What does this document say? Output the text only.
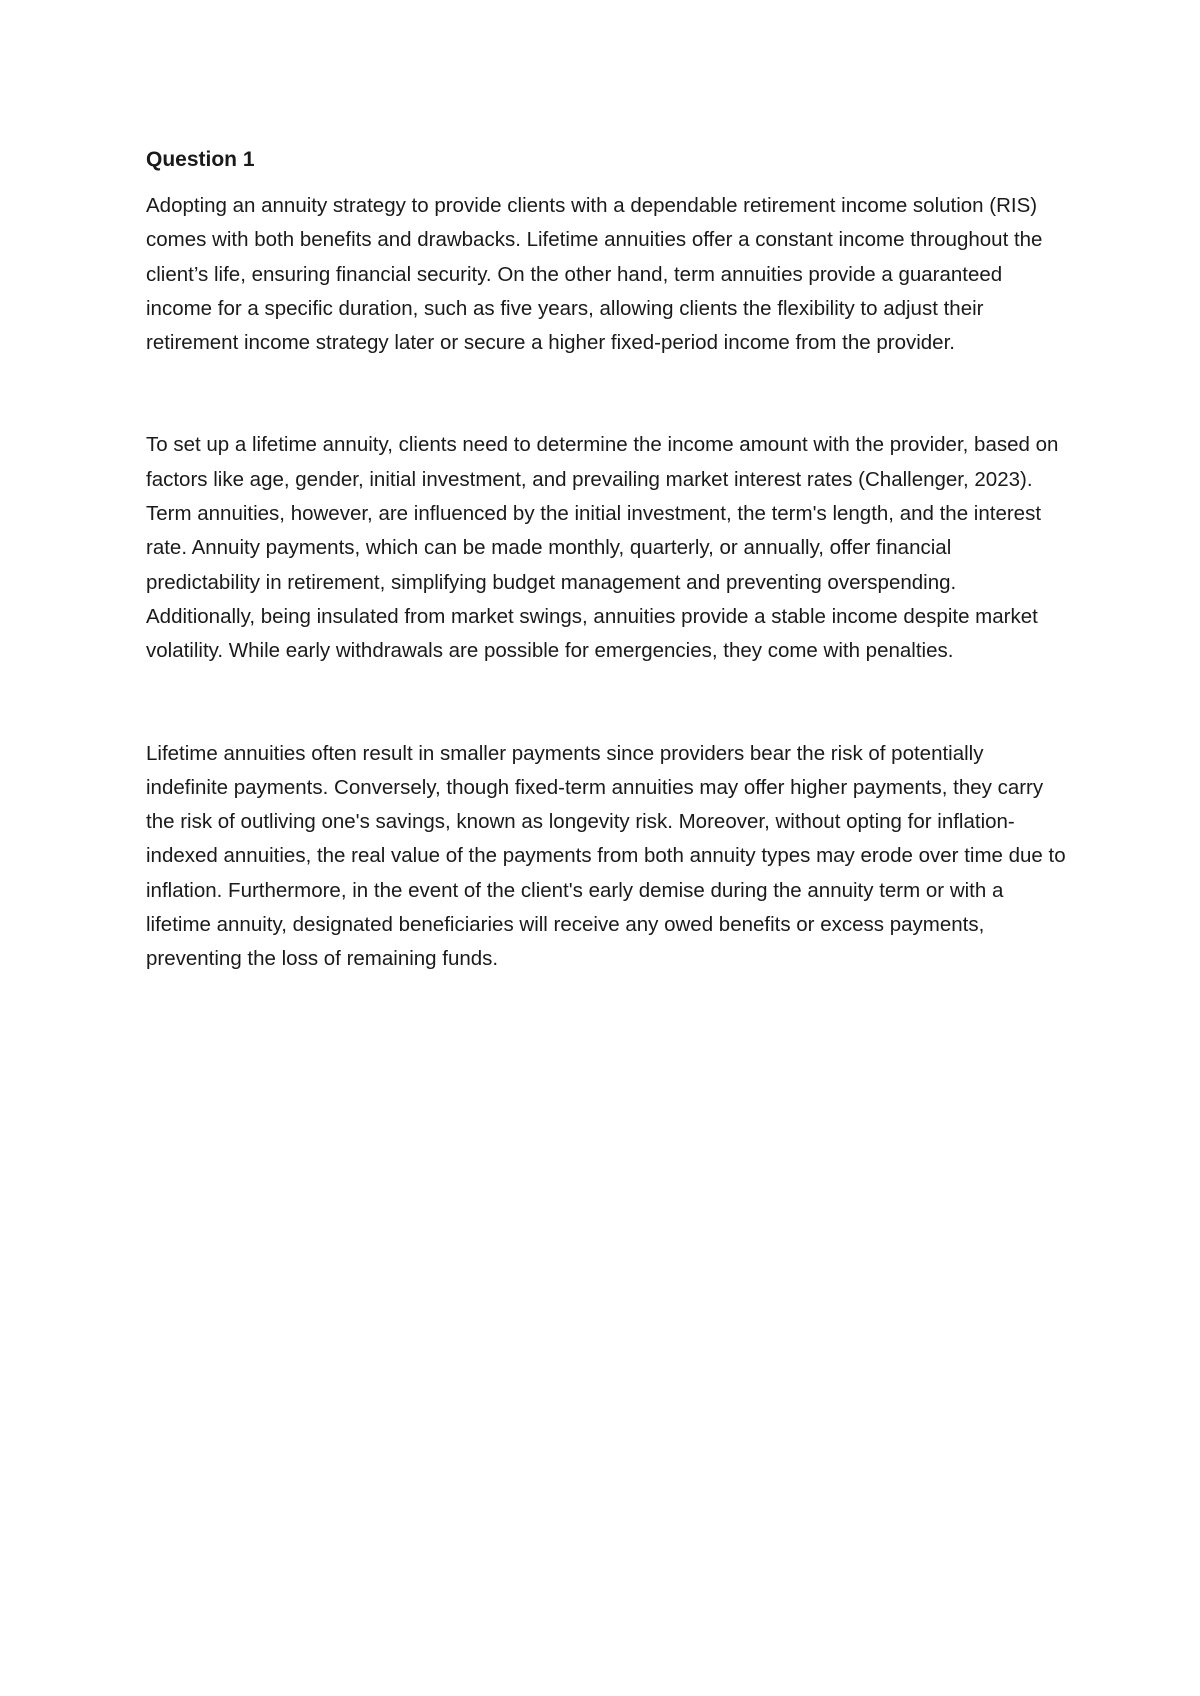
Question 1

Adopting an annuity strategy to provide clients with a dependable retirement income solution (RIS) comes with both benefits and drawbacks. Lifetime annuities offer a constant income throughout the client’s life, ensuring financial security. On the other hand, term annuities provide a guaranteed income for a specific duration, such as five years, allowing clients the flexibility to adjust their retirement income strategy later or secure a higher fixed-period income from the provider.

To set up a lifetime annuity, clients need to determine the income amount with the provider, based on factors like age, gender, initial investment, and prevailing market interest rates (Challenger, 2023). Term annuities, however, are influenced by the initial investment, the term's length, and the interest rate. Annuity payments, which can be made monthly, quarterly, or annually, offer financial predictability in retirement, simplifying budget management and preventing overspending. Additionally, being insulated from market swings, annuities provide a stable income despite market volatility. While early withdrawals are possible for emergencies, they come with penalties.

Lifetime annuities often result in smaller payments since providers bear the risk of potentially indefinite payments. Conversely, though fixed-term annuities may offer higher payments, they carry the risk of outliving one's savings, known as longevity risk. Moreover, without opting for inflation-indexed annuities, the real value of the payments from both annuity types may erode over time due to inflation. Furthermore, in the event of the client's early demise during the annuity term or with a lifetime annuity, designated beneficiaries will receive any owed benefits or excess payments, preventing the loss of remaining funds.
